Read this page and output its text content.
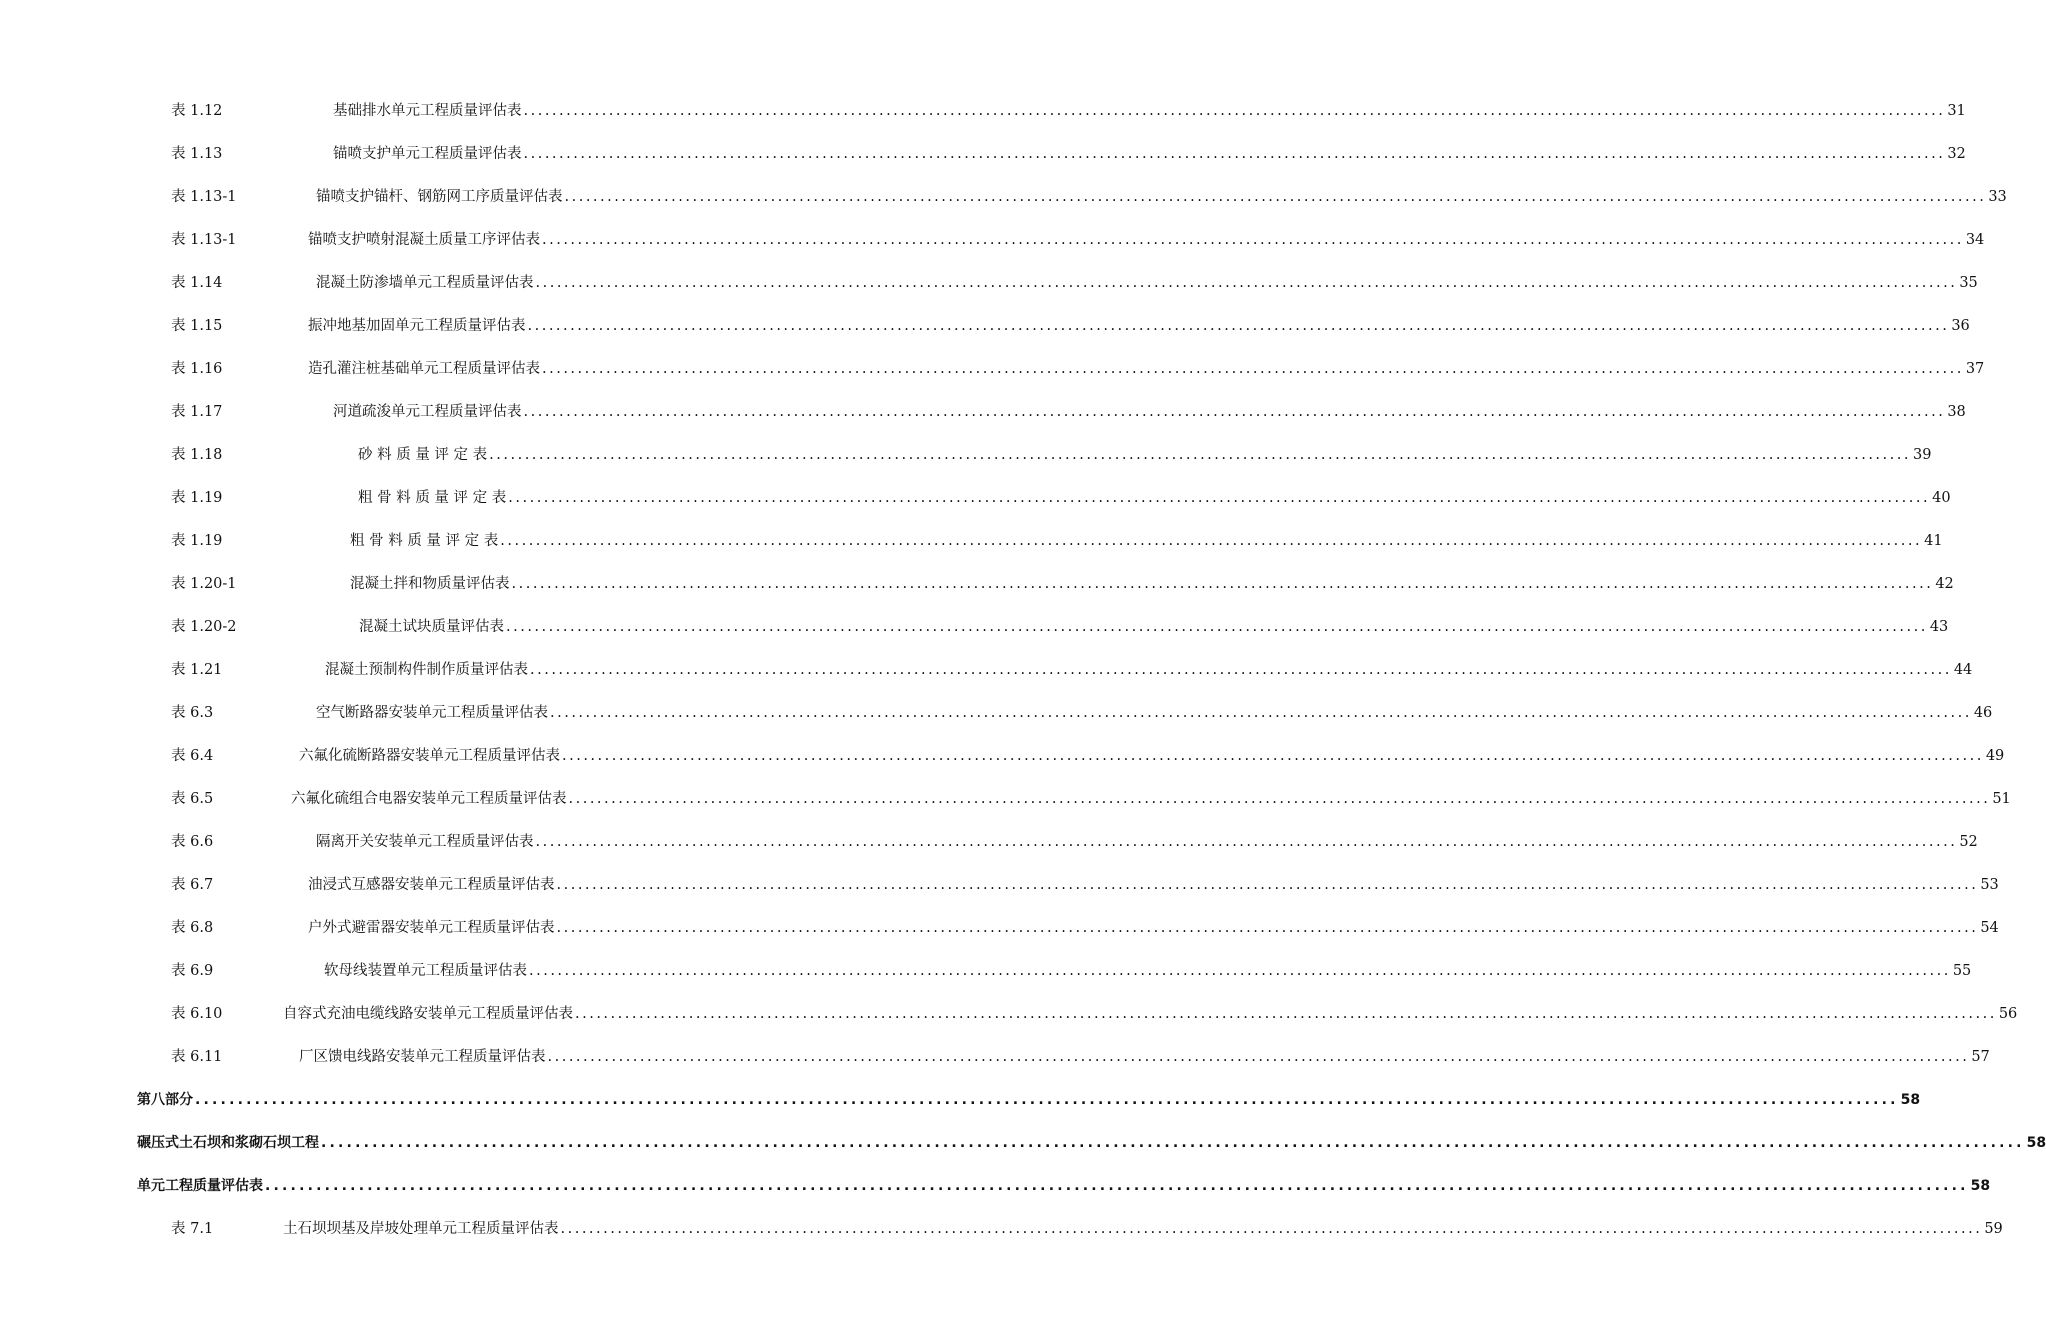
表 1.12	基础排水单元工程质量评估表 ........................................................................................................................................................................................................ 31
表 1.13	锚喷支护单元工程质量评估表 ........................................................................................................................................................................................................ 32
表 1.13-1	锚喷支护锚杆、钢筋网工序质量评估表 ........................................................................................................................................................................................................ 33
表 1.13-1	锚喷支护喷射混凝土质量工序评估表 ........................................................................................................................................................................................................ 34
表 1.14	混凝土防渗墙单元工程质量评估表 ........................................................................................................................................................................................................ 35
表 1.15	振冲地基加固单元工程质量评估表 ........................................................................................................................................................................................................ 36
表 1.16	造孔灌注桩基础单元工程质量评估表 ........................................................................................................................................................................................................ 37
表 1.17	河道疏浚单元工程质量评估表 ........................................................................................................................................................................................................ 38
表 1.18	砂 料 质 量 评 定 表 ........................................................................................................................................................................................................ 39
表 1.19	粗 骨 料 质 量 评 定 表 ........................................................................................................................................................................................................ 40
表 1.19	粗 骨 料 质 量 评 定 表 ........................................................................................................................................................................................................ 41
表 1.20-1	混凝土拌和物质量评估表 ........................................................................................................................................................................................................ 42
表 1.20-2	混凝土试块质量评估表 ........................................................................................................................................................................................................ 43
表 1.21	混凝土预制构件制作质量评估表 ........................................................................................................................................................................................................ 44
表 6.3	空气断路器安装单元工程质量评估表 ........................................................................................................................................................................................................ 46
表 6.4	六氟化硫断路器安装单元工程质量评估表 ........................................................................................................................................................................................................ 49
表 6.5	六氟化硫组合电器安装单元工程质量评估表 ........................................................................................................................................................................................................ 51
表 6.6	隔离开关安装单元工程质量评估表 ........................................................................................................................................................................................................ 52
表 6.7	油浸式互感器安装单元工程质量评估表 ........................................................................................................................................................................................................ 53
表 6.8	户外式避雷器安装单元工程质量评估表 ........................................................................................................................................................................................................ 54
表 6.9	软母线装置单元工程质量评估表 ........................................................................................................................................................................................................ 55
表 6.10	自容式充油电缆线路安装单元工程质量评估表 ........................................................................................................................................................................................................ 56
表 6.11	厂区馈电线路安装单元工程质量评估表 ........................................................................................................................................................................................................ 57
第八部分 ........................................................................................................................................................................................................ 58
碾压式土石坝和浆砌石坝工程 ........................................................................................................................................................................................................ 58
单元工程质量评估表 ........................................................................................................................................................................................................ 58
表 7.1	土石坝坝基及岸坡处理单元工程质量评估表 ........................................................................................................................................................................................................ 59
